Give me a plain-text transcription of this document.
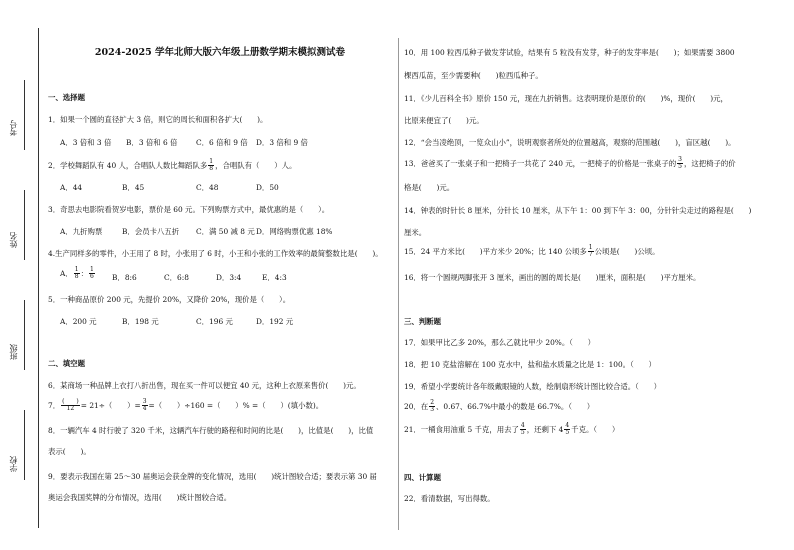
考号
姓名
班级
学校
2024-2025 学年北师大版六年级上册数学期末模拟测试卷
一、选择题
1．如果一个圆的直径扩大 3 倍，则它的周长和面积各扩大(　　)。
A．3 倍和 3 倍 B．3 倍和 6 倍	C．6 倍和 9 倍 D．3 倍和 9 倍
2．学校舞蹈队有 40 人，合唱队人数比舞蹈队多 $\frac{1}{8}$ ，合唱队有（　　）人。
A．44	B．45	C．48	D．50
3．奇思去电影院看贺岁电影，票价是 60 元。下列购票方式中，最优惠的是（　　）。
A．九折购票	B．会员卡八五折 C．满 50 减 8 元 D．网络购票优惠 18%
4.生产同样多的零件，小王用了 8 时，小张用了 6 时，小王和小张的工作效率的最简整数比是(　　)。
A． $\frac{1}{8}$ ： $\frac{1}{6}$ B．8:6	C．6:8	D．3:4	E．4:3
5．一种商品原价 200 元，先提价 20%，又降价 20%，现价是（　　）。
A．200 元	B．198 元	C．196 元	D．192 元
二、填空题
6．某商场一种品牌上衣打八折出售，现在买一件可以便宜 40 元，这种上衣原来售价(　　)元。
7． $\frac{( )}{12} = 21\div$（　　）= $\frac{3}{4}$ =（　　）÷160 =（　　）% =（　　）(填小数)。
8．一辆汽车 4 时行驶了 320 千米，这辆汽车行驶的路程和时间的比是(　　)，比值是(　　)，比值
表示(　　)。
9．要表示我国在第 25～30 届奥运会获金牌的变化情况，选用(　　)统计图较合适；要表示第 30 届
奥运会我国奖牌的分布情况，选用(　　)统计图较合适。
10．用 100 粒西瓜种子做发芽试验，结果有 5 粒没有发芽，种子的发芽率是(　　)；如果需要 3800
棵西瓜苗，至少需要种(　　)粒西瓜种子。
11．《少儿百科全书》原价 150 元，现在九折销售。这表明现价是原价的(　　)%，现价(　　)元，
比原来便宜了(　　)元。
12．“会当凌绝顶，一览众山小”，说明观察者所处的位置越高，观察的范围越(　　)，盲区越(　　)。
13．爸爸买了一张桌子和一把椅子一共花了 240 元，一把椅子的价格是一张桌子的 $\frac{3}{5}$ ，这把椅子的价
格是(　　)元。
14．钟表的时针长 8 厘米，分针长 10 厘米，从下午 1：00 到下午 3：00，分针针尖走过的路程是(　　)
厘米。
15．24 平方米比(　　)平方米少 20%；比 140 公顷多 $\frac{1}{7}$ 公顷是(　　)公顷。
16．将一个圆规两脚张开 3 厘米，画出的圆的周长是(　　)厘米，面积是(　　)平方厘米。
三、判断题
17．如果甲比乙多 20%，那么乙就比甲少 20%。（　　）
18．把 10 克盐溶解在 100 克水中，盐和盐水质量之比是 1：100。（　　）
19．希望小学要统计各年级戴眼镜的人数，绘制扇形统计图比较合适。（　　）
20．在 $\frac{2}{3}$ 、0.67、66.7%中最小的数是 66.7%。（　　）
21．一桶食用油重 5 千克，用去了 $\frac{4}{5}$ ，还剩下 $4 \frac{4}{5}$ 千克。（　　）
四、计算题
22．看清数据，写出得数。
